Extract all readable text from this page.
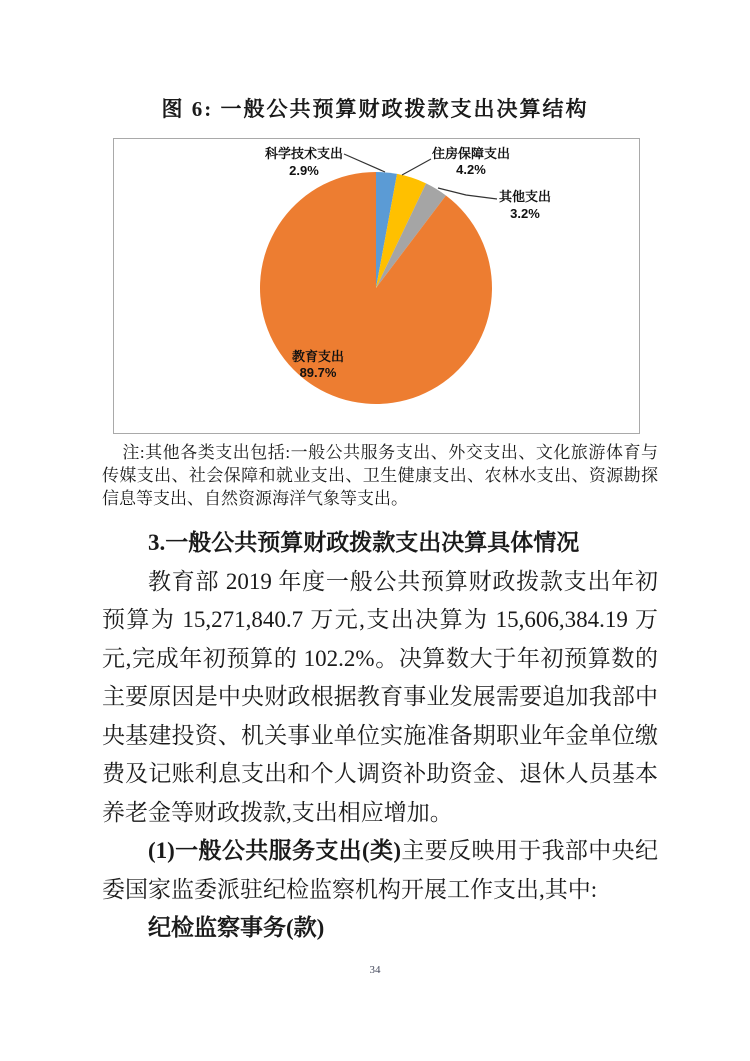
图 6: 一般公共预算财政拨款支出决算结构
科学技术支出
2.9%
住房保障支出
4.2%
其他支出
3.2%
教育支出
89.7%

注:其他各类支出包括:一般公共服务支出、外交支出、文化旅游体育与传媒支出、社会保障和就业支出、卫生健康支出、农林水支出、资源勘探信息等支出、自然资源海洋气象等支出。

3.一般公共预算财政拨款支出决算具体情况

教育部 2019 年度一般公共预算财政拨款支出年初预算为 15,271,840.7 万元,支出决算为 15,606,384.19 万元,完成年初预算的 102.2%。决算数大于年初预算数的主要原因是中央财政根据教育事业发展需要追加我部中央基建投资、机关事业单位实施准备期职业年金单位缴费及记账利息支出和个人调资补助资金、退休人员基本养老金等财政拨款,支出相应增加。

(1)一般公共服务支出(类)主要反映用于我部中央纪委国家监委派驻纪检监察机构开展工作支出,其中:

纪检监察事务(款)

34
